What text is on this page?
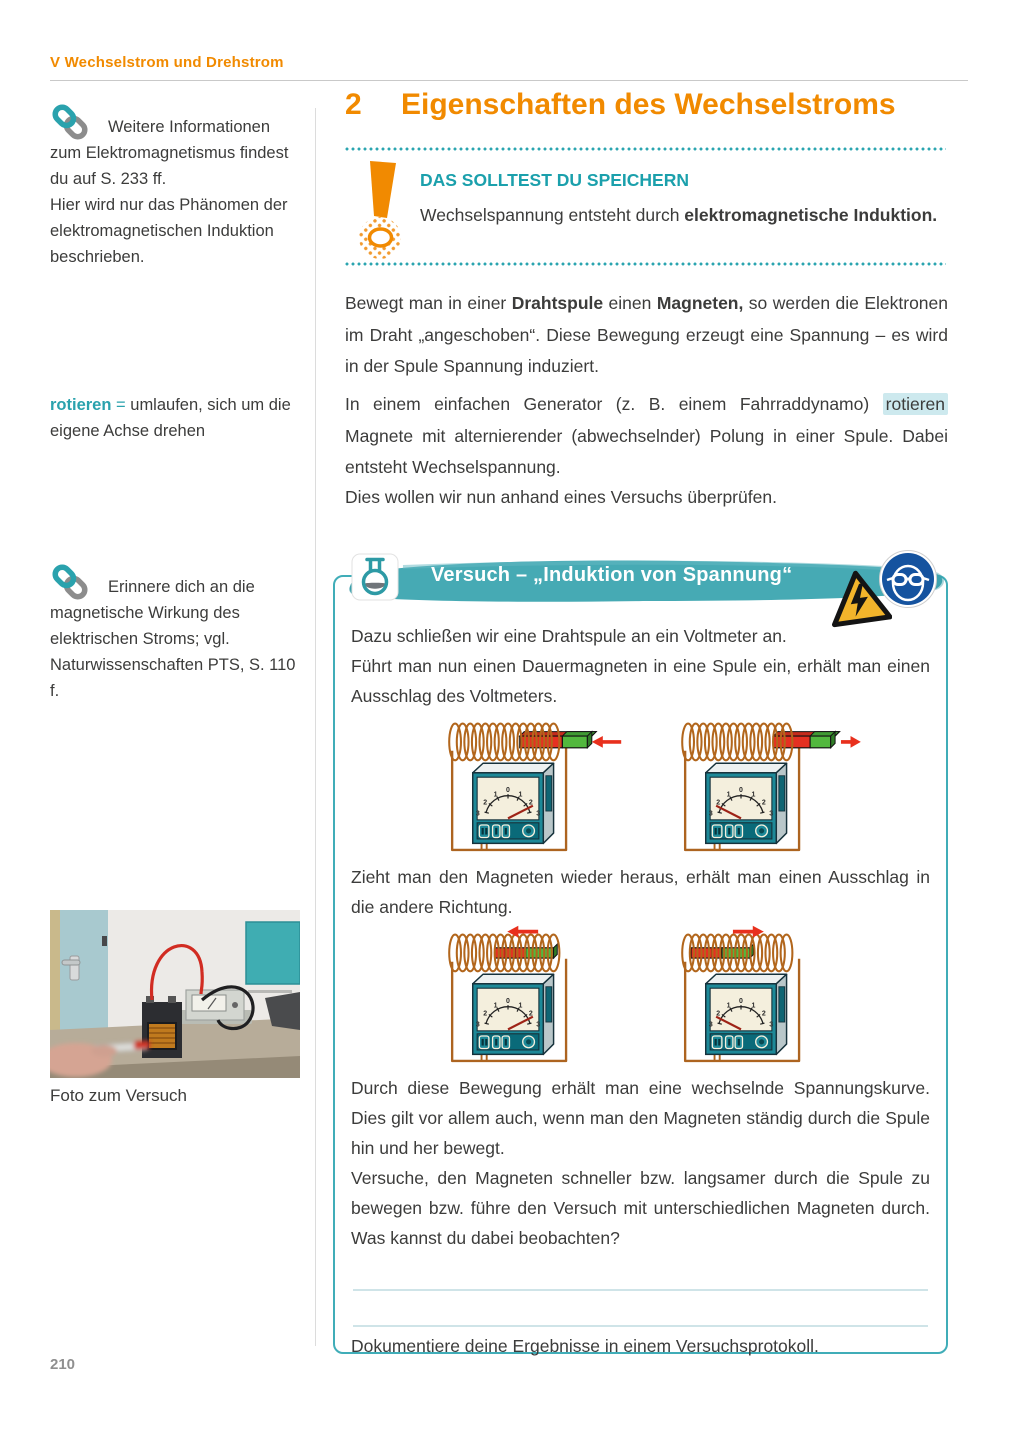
V Wechselstrom und Drehstrom

Weitere Informationen zum Elektromagnetismus findest du auf S. 233 ff.

Hier wird nur das Phänomen der elektromagnetischen Induktion beschrieben.

rotieren = umlaufen, sich um die eigene Achse drehen

Erinnere dich an die magnetische Wirkung des elektrischen Stroms; vgl. Naturwissenschaften PTS, S. 110 f.

Foto zum Versuch
210
2 Eigenschaften des Wechselstroms

DAS SOLLTEST DU SPEICHERN

Wechselspannung entsteht durch elektromagnetische Induktion.

Bewegt man in einer Drahtspule einen Magneten, so werden die Elektronen im Draht „angeschoben“. Diese Bewegung erzeugt eine Spannung – es wird in der Spule Spannung induziert.

In einem einfachen Generator (z. B. einem Fahrraddynamo) rotieren Magnete mit alternierender (abwechselnder) Polung in einer Spule. Dabei entsteht Wechselspannung.

Dies wollen wir nun anhand eines Versuchs überprüfen.

Dazu schließen wir eine Drahtspule an ein Voltmeter an.

Führt man nun einen Dauermagneten in eine Spule ein, erhält man einen Ausschlag des Voltmeters.

Zieht man den Magneten wieder heraus, erhält man einen Ausschlag in die andere Richtung.

Durch diese Bewegung erhält man eine wechselnde Spannungskurve. Dies gilt vor allem auch, wenn man den Magneten ständig durch die Spule hin und her bewegt.

Versuche, den Magneten schneller bzw. langsamer durch die Spule zu bewegen bzw. führe den Versuch mit unterschiedlichen Magneten durch. Was kannst du dabei beobachten?

Dokumentiere deine Ergebnisse in einem Versuchsprotokoll.

Versuch – „Induktion von Spannung“
